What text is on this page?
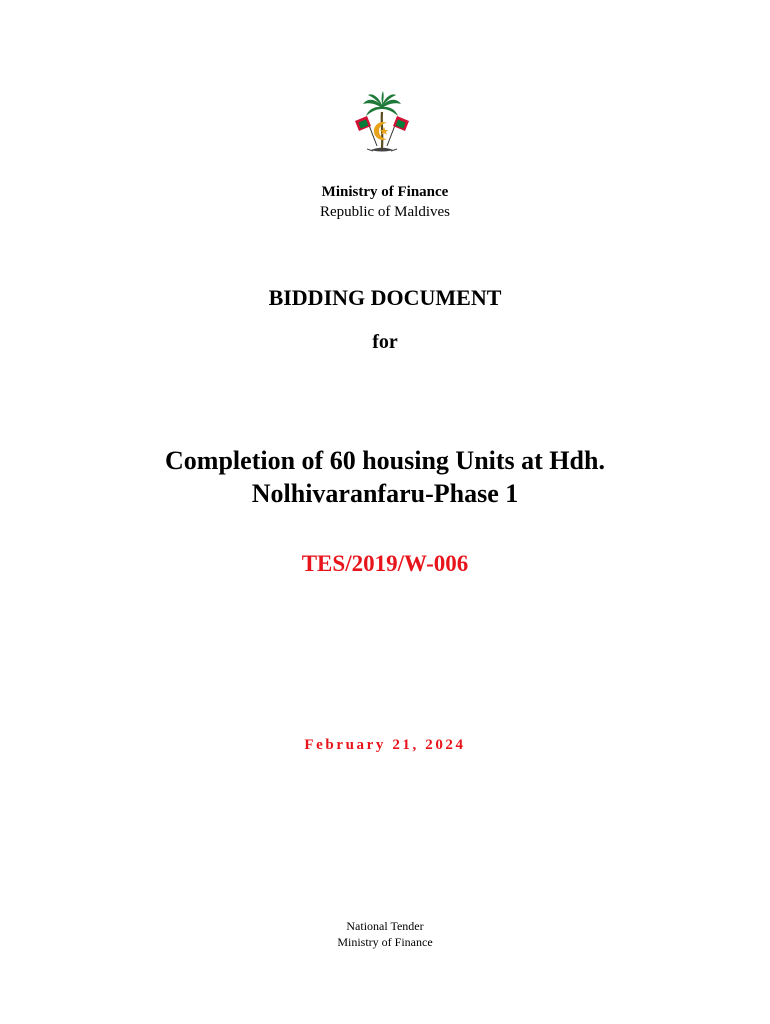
Ministry of Finance
Republic of Maldives
BIDDING DOCUMENT
for
Completion of 60 housing Units at Hdh.
Nolhivaranfaru-Phase 1
TES/2019/W-006
February 21, 2024
National Tender
Ministry of Finance
